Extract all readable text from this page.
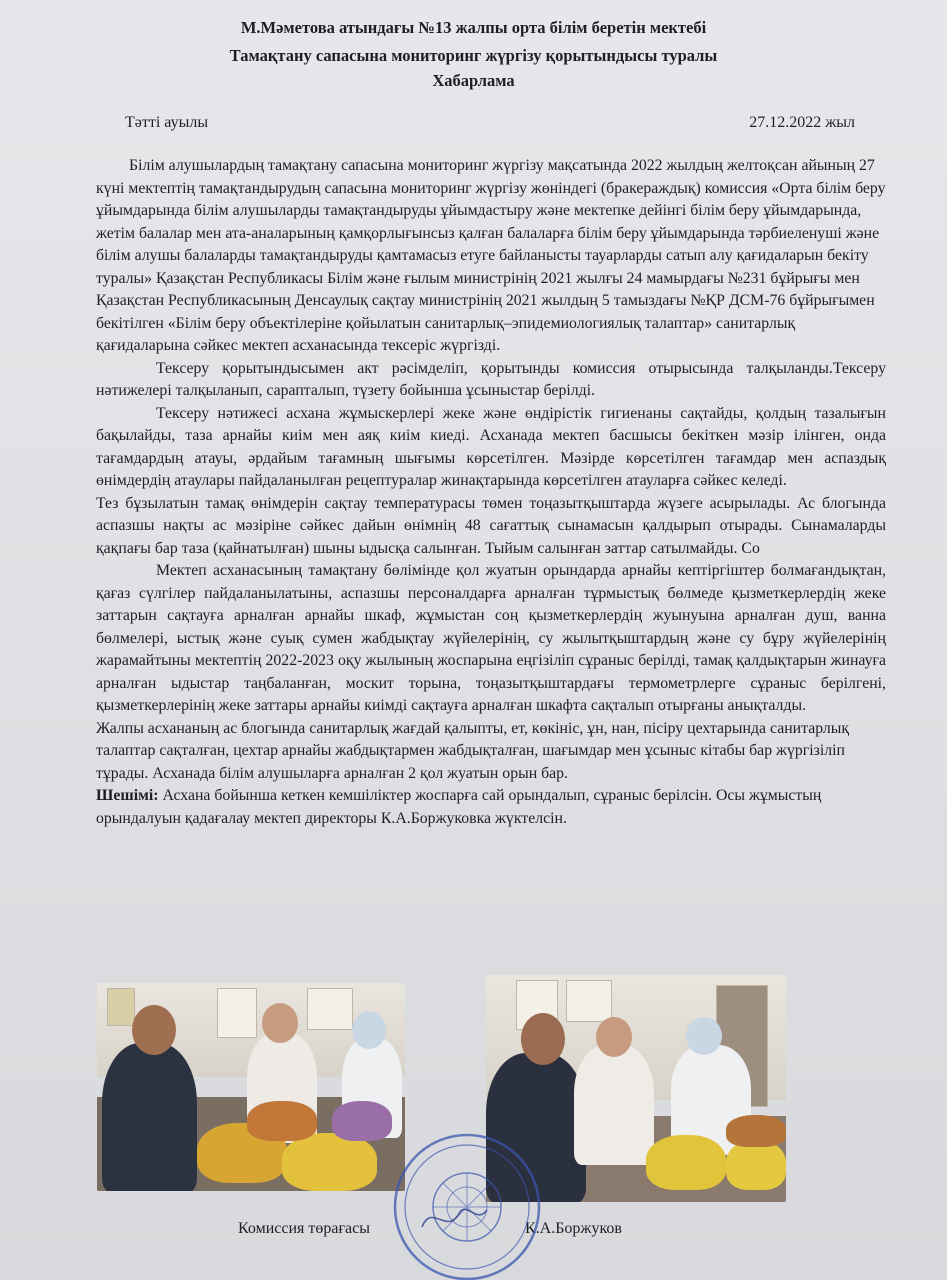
М.Мәметова атындағы №13 жалпы орта білім беретін мектебі
Тамақтану сапасына мониторинг жүргізу қорытындысы туралы
Хабарлама
Тәтті ауылы	27.12.2022 жыл

Білім алушылардың тамақтану сапасына мониторинг жүргізу мақсатында 2022 жылдың желтоқсан айының 27 күні мектептің тамақтандырудың сапасына мониторинг жүргізу жөніндегі (бракераждық) комиссия «Орта білім беру ұйымдарында білім алушыларды тамақтандыруды ұйымдастыру және мектепке дейінгі білім беру ұйымдарында, жетім балалар мен ата-аналарының қамқорлығынсыз қалған балаларға білім беру ұйымдарында тәрбиеленуші және білім алушы балаларды тамақтандыруды қамтамасыз етуге байланысты тауарларды сатып алу қағидаларын бекіту туралы» Қазақстан Республикасы Білім және ғылым министрінің 2021 жылғы 24 мамырдағы №231 бұйрығы мен Қазақстан Республикасының Денсаулық сақтау министрінің 2021 жылдың 5 тамыздағы №ҚР ДСМ-76 бұйрығымен бекітілген «Білім беру объектілеріне қойылатын санитарлық–эпидемиологиялық талаптар» санитарлық қағидаларына сәйкес мектеп асханасында тексеріс жүргізді.

Тексеру қорытындысымен акт рәсімделіп, қорытынды комиссия отырысында талқыланды.Тексеру нәтижелері талқыланып, сарапталып, түзету бойынша ұсыныстар берілді.

Тексеру нәтижесі асхана жұмыскерлері жеке және өндірістік гигиенаны сақтайды, қолдың тазалығын бақылайды, таза арнайы киім мен аяқ киім киеді. Асханада мектеп басшысы бекіткен мәзір ілінген, онда тағамдардың атауы, әрдайым тағамның шығымы көрсетілген. Мәзірде көрсетілген тағамдар мен аспаздық өнімдердің атаулары пайдаланылған рецептуралар жинақтарында көрсетілген атауларға сәйкес келеді.

Тез бұзылатын тамақ өнімдерін сақтау температурасы төмен тоңазытқыштарда жүзеге асырылады. Ас блогында аспазшы нақты ас мәзіріне сәйкес дайын өнімнің 48 сағаттық сынамасын қалдырып отырады. Сынамаларды қақпағы бар таза (қайнатылған) шыны ыдысқа салынған. Тыйым салынған заттар сатылмайды. Со

Мектеп асханасының тамақтану бөлімінде қол жуатын орындарда арнайы кептіргіштер болмағандықтан, қағаз сүлгілер пайдаланылатыны, аспазшы персоналдарға арналған тұрмыстық бөлмеде қызметкерлердің жеке заттарын сақтауға арналған арнайы шкаф, жұмыстан соң қызметкерлердің жуынуына арналған душ, ванна бөлмелері, ыстық және суық сумен жабдықтау жүйелерінің, су жылытқыштардың және су бұру жүйелерінің жарамайтыны мектептің 2022-2023 оқу жылының жоспарына еңгізіліп сұраныс берілді, тамақ қалдықтарын жинауға арналған ыдыстар таңбаланған, москит торына, тоңазытқыштардағы термометрлерге сұраныс берілгені, қызметкерлерінің жеке заттары арнайы киімді сақтауға арналған шкафта сақталып отырғаны анықталды.

Жалпы асхананың ас блогында санитарлық жағдай қалыпты, ет, көкініс, ұн, нан, пісіру цехтарында санитарлық талаптар сақталған, цехтар арнайы жабдықтармен жабдықталған, шағымдар мен ұсыныс кітабы бар жүргізіліп тұрады. Асханада білім алушыларға арналған 2 қол жуатын орын бар.

Шешімі: Асхана бойынша кеткен кемшіліктер жоспарға сай орындалып, сұраныс берілсін. Осы жұмыстың орындалуын қадағалау мектеп директоры К.А.Боржуковка жүктелсін.

Комиссия төрағасы	К.А.Боржуков
